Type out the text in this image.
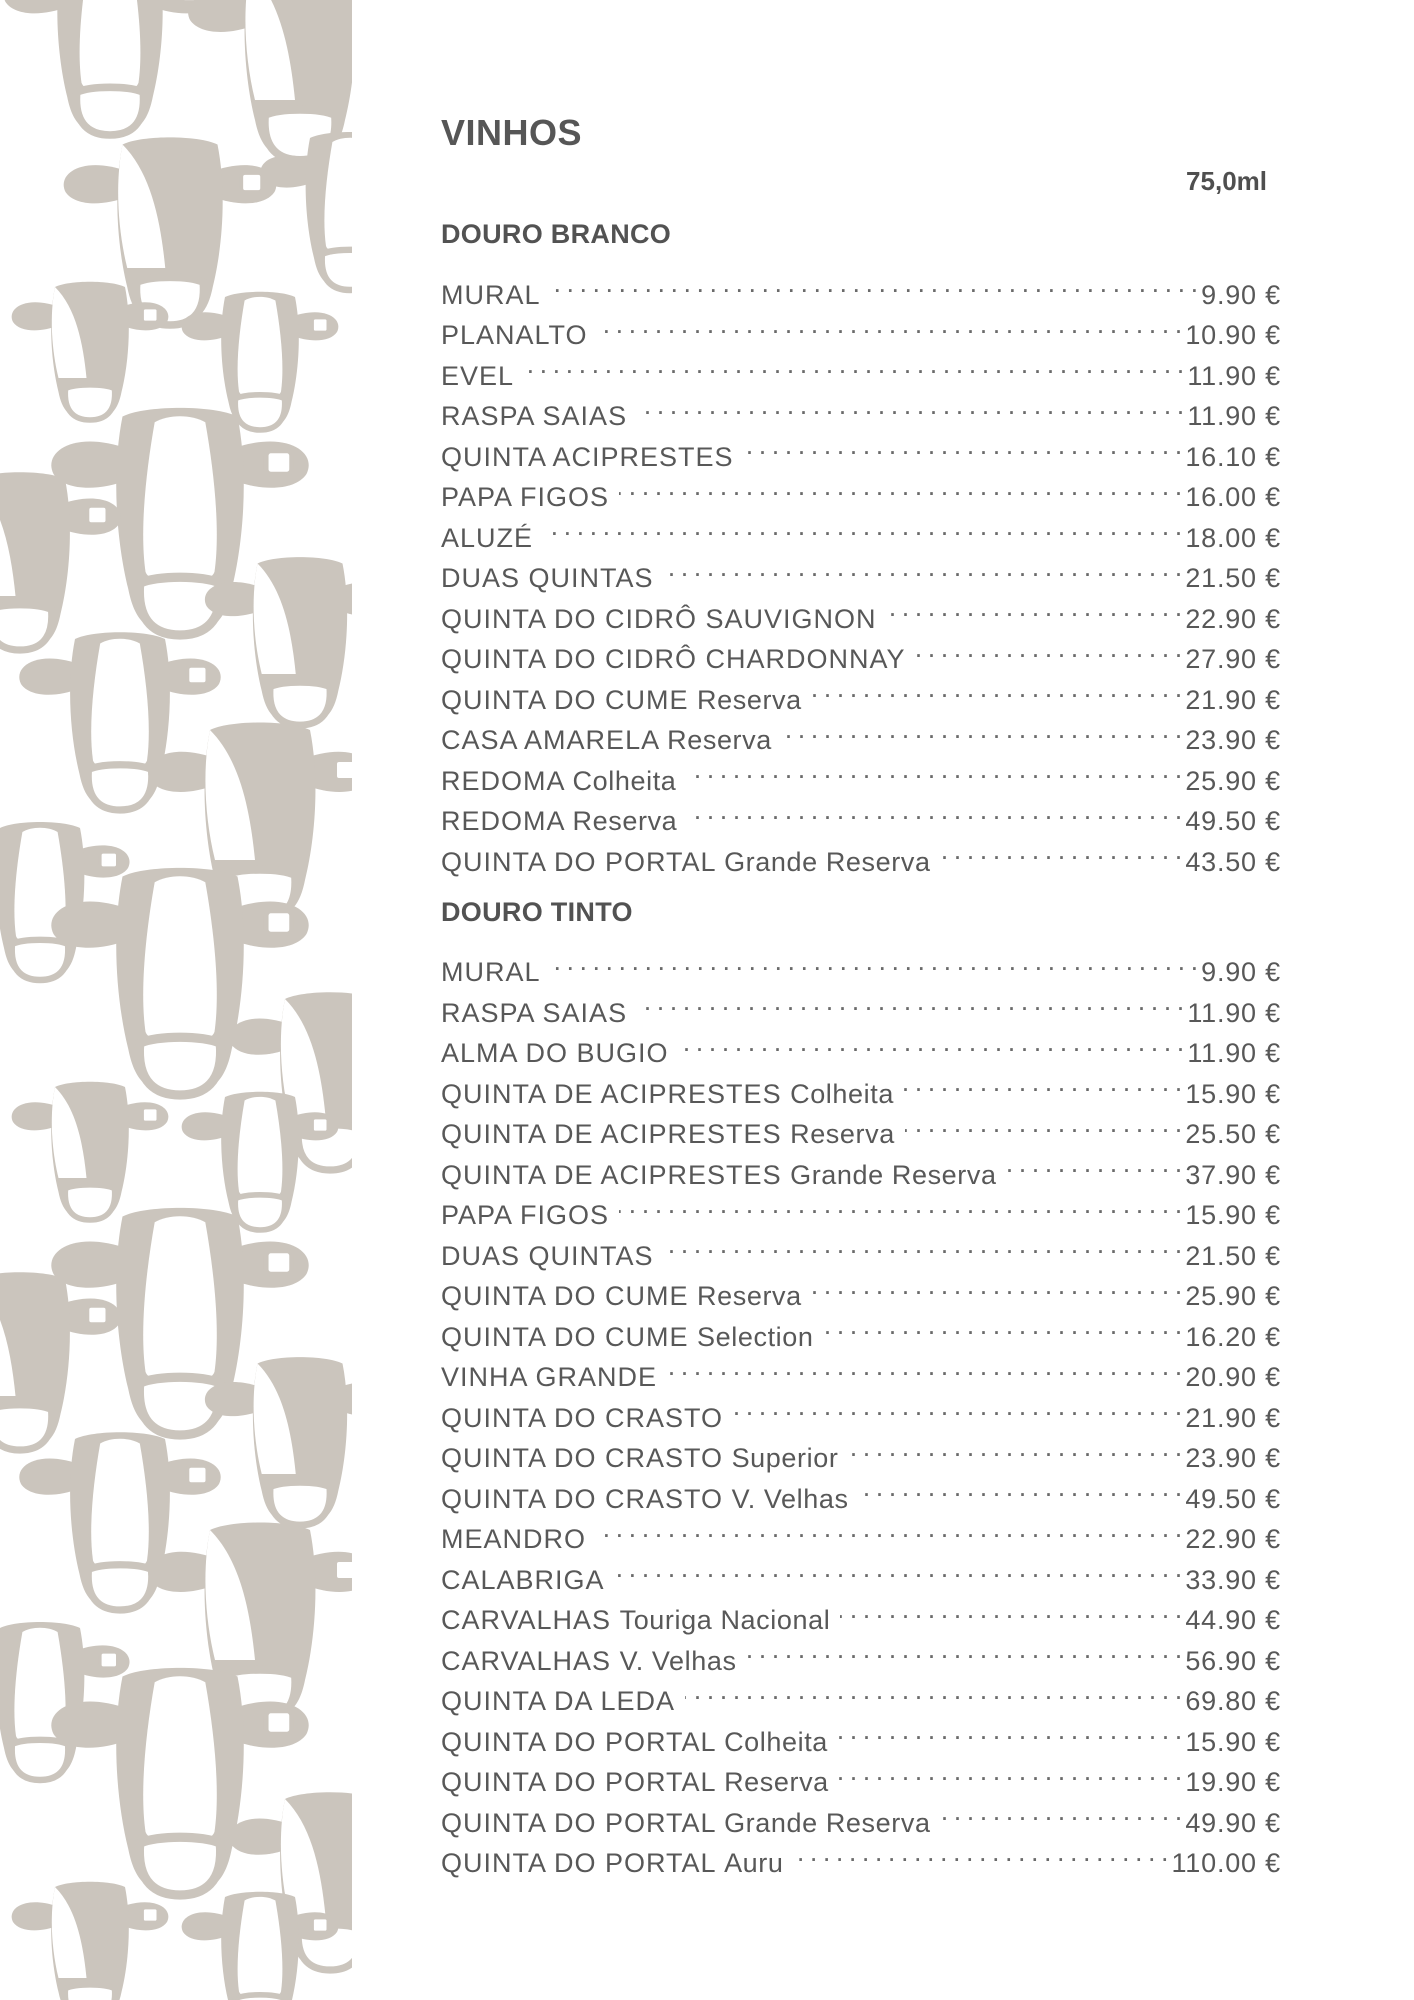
VINHOS
75,0ml
DOURO BRANCO
MURAL . . .	9.90 €
PLANALTO . . .	10.90 €
EVEL . . .	11.90 €
RASPA SAIAS . . .	11.90 €
QUINTA ACIPRESTES . . .	16.10 €
PAPA FIGOS . . .	16.00 €
ALUZÉ . . .	18.00 €
DUAS QUINTAS . . .	21.50 €
QUINTA DO CIDRÔ SAUVIGNON . . .	22.90 €
QUINTA DO CIDRÔ CHARDONNAY . . .	27.90 €
QUINTA DO CUME Reserva . . .	21.90 €
CASA AMARELA Reserva . . .	23.90 €
REDOMA Colheita . . .	25.90 €
REDOMA Reserva . . .	49.50 €
QUINTA DO PORTAL Grande Reserva . . .	43.50 €
DOURO TINTO
MURAL . . .	9.90 €
RASPA SAIAS . . .	11.90 €
ALMA DO BUGIO . . .	11.90 €
QUINTA DE ACIPRESTES Colheita . . .	15.90 €
QUINTA DE ACIPRESTES Reserva . . .	25.50 €
QUINTA DE ACIPRESTES Grande Reserva . . .	37.90 €
PAPA FIGOS . . .	15.90 €
DUAS QUINTAS . . .	21.50 €
QUINTA DO CUME Reserva . . .	25.90 €
QUINTA DO CUME Selection . . .	16.20 €
VINHA GRANDE . . .	20.90 €
QUINTA DO CRASTO . . .	21.90 €
QUINTA DO CRASTO Superior . . .	23.90 €
QUINTA DO CRASTO V. Velhas . . .	49.50 €
MEANDRO . . .	22.90 €
CALABRIGA . . .	33.90 €
CARVALHAS Touriga Nacional . . .	44.90 €
CARVALHAS V. Velhas . . .	56.90 €
QUINTA DA LEDA . . .	69.80 €
QUINTA DO PORTAL Colheita . . .	15.90 €
QUINTA DO PORTAL Reserva . . .	19.90 €
QUINTA DO PORTAL Grande Reserva . . .	49.90 €
QUINTA DO PORTAL Auru . . .	110.00 €
